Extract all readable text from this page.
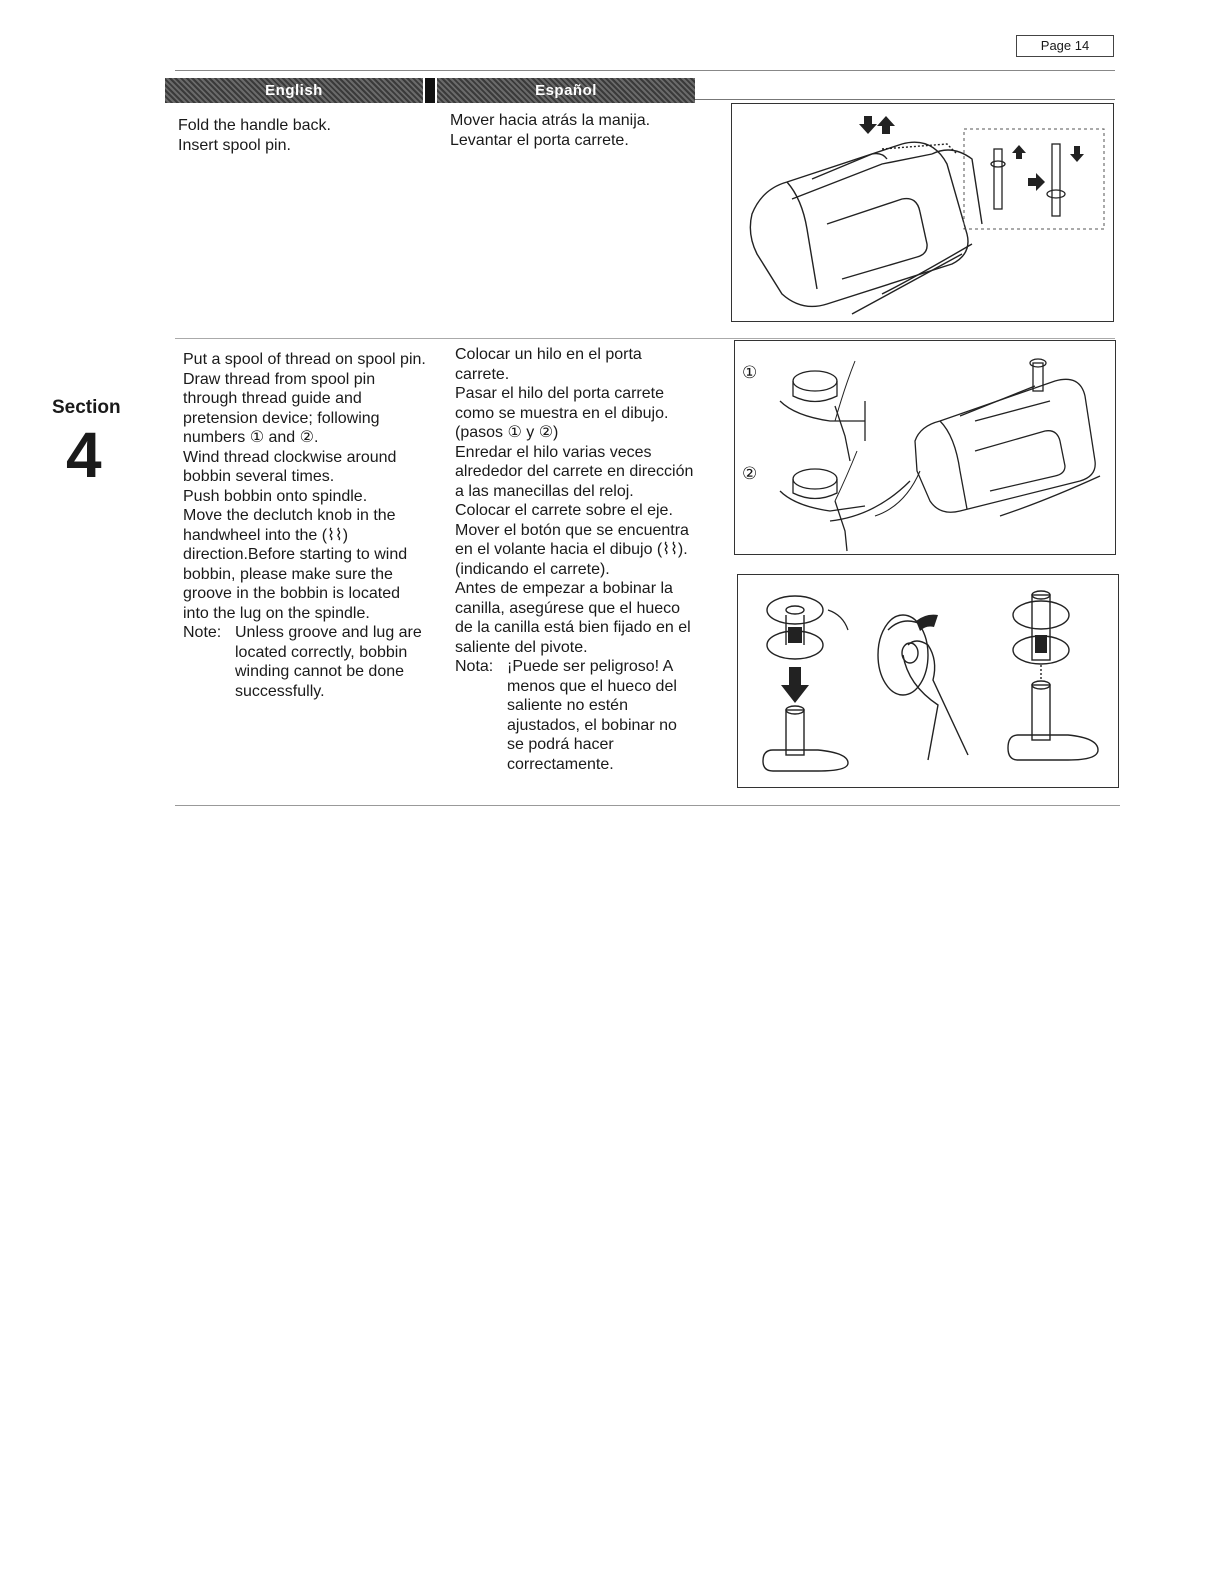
Page 14
English	Español
Section
4

Fold the handle back.

Insert spool pin.

Mover hacia atrás la manija.

Levantar el porta carrete.

Put a spool of thread on spool pin.

Draw thread from spool pin through thread guide and pretension device; following numbers ① and ②.

Wind thread clockwise around bobbin several times.

Push bobbin onto spindle.

Move the declutch knob in the handwheel into the (⌇⌇) direction.Before starting to wind bobbin, please make sure the groove in the bobbin is located into the lug on the spindle.

Note: Unless groove and lug are located correctly, bobbin winding cannot be done successfully.

Colocar un hilo en el porta carrete.

Pasar el hilo del porta carrete como se muestra en el dibujo. (pasos ① y ②)

Enredar el hilo varias veces alrededor del carrete en dirección a las manecillas del reloj.

Colocar el carrete sobre el eje.

Mover el botón que se encuentra en el volante hacia el dibujo (⌇⌇).(indicando el carrete).

Antes de empezar a bobinar la canilla, asegúrese que el hueco de la canilla está bien fijado en el saliente del pivote.

Nota: ¡Puede ser peligroso! A menos que el hueco del saliente no estén ajustados, el bobinar no se podrá hacer correctamente.
①
②
